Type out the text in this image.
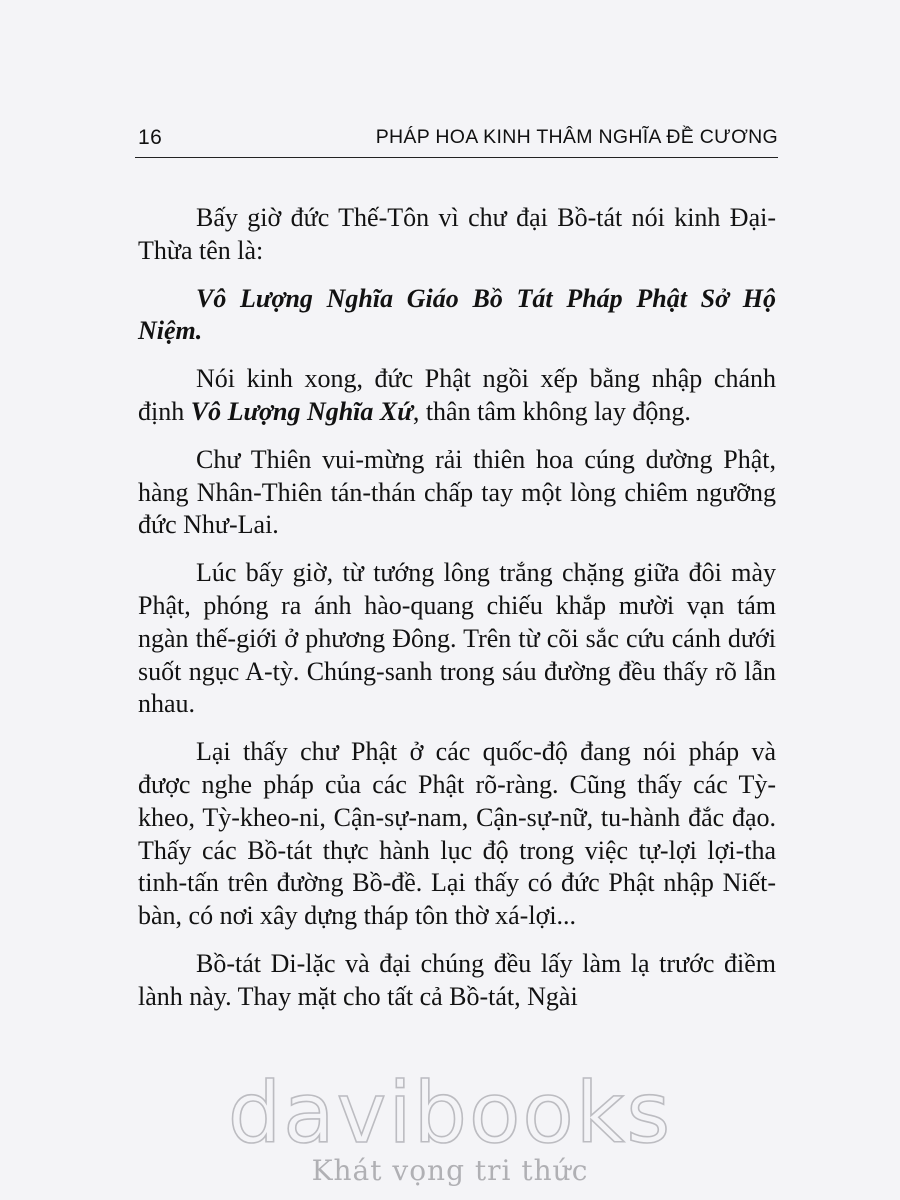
16	PHÁP HOA KINH THÂM NGHĨA ĐỀ CƯƠNG

Bấy giờ đức Thế-Tôn vì chư đại Bồ-tát nói kinh Đại-Thừa tên là:

Vô Lượng Nghĩa Giáo Bồ Tát Pháp Phật Sở Hộ Niệm.

Nói kinh xong, đức Phật ngồi xếp bằng nhập chánh định Vô Lượng Nghĩa Xứ, thân tâm không lay động.

Chư Thiên vui-mừng rải thiên hoa cúng dường Phật, hàng Nhân-Thiên tán-thán chấp tay một lòng chiêm ngưỡng đức Như-Lai.

Lúc bấy giờ, từ tướng lông trắng chặng giữa đôi mày Phật, phóng ra ánh hào-quang chiếu khắp mười vạn tám ngàn thế-giới ở phương Đông. Trên từ cõi sắc cứu cánh dưới suốt ngục A-tỳ. Chúng-sanh trong sáu đường đều thấy rõ lẫn nhau.

Lại thấy chư Phật ở các quốc-độ đang nói pháp và được nghe pháp của các Phật rõ-ràng. Cũng thấy các Tỳ-kheo, Tỳ-kheo-ni, Cận-sự-nam, Cận-sự-nữ, tu-hành đắc đạo. Thấy các Bồ-tát thực hành lục độ trong việc tự-lợi lợi-tha tinh-tấn trên đường Bồ-đề. Lại thấy có đức Phật nhập Niết-bàn, có nơi xây dựng tháp tôn thờ xá-lợi...

Bồ-tát Di-lặc và đại chúng đều lấy làm lạ trước điềm lành này. Thay mặt cho tất cả Bồ-tát, Ngài

davibooks
Khát vọng tri thức
